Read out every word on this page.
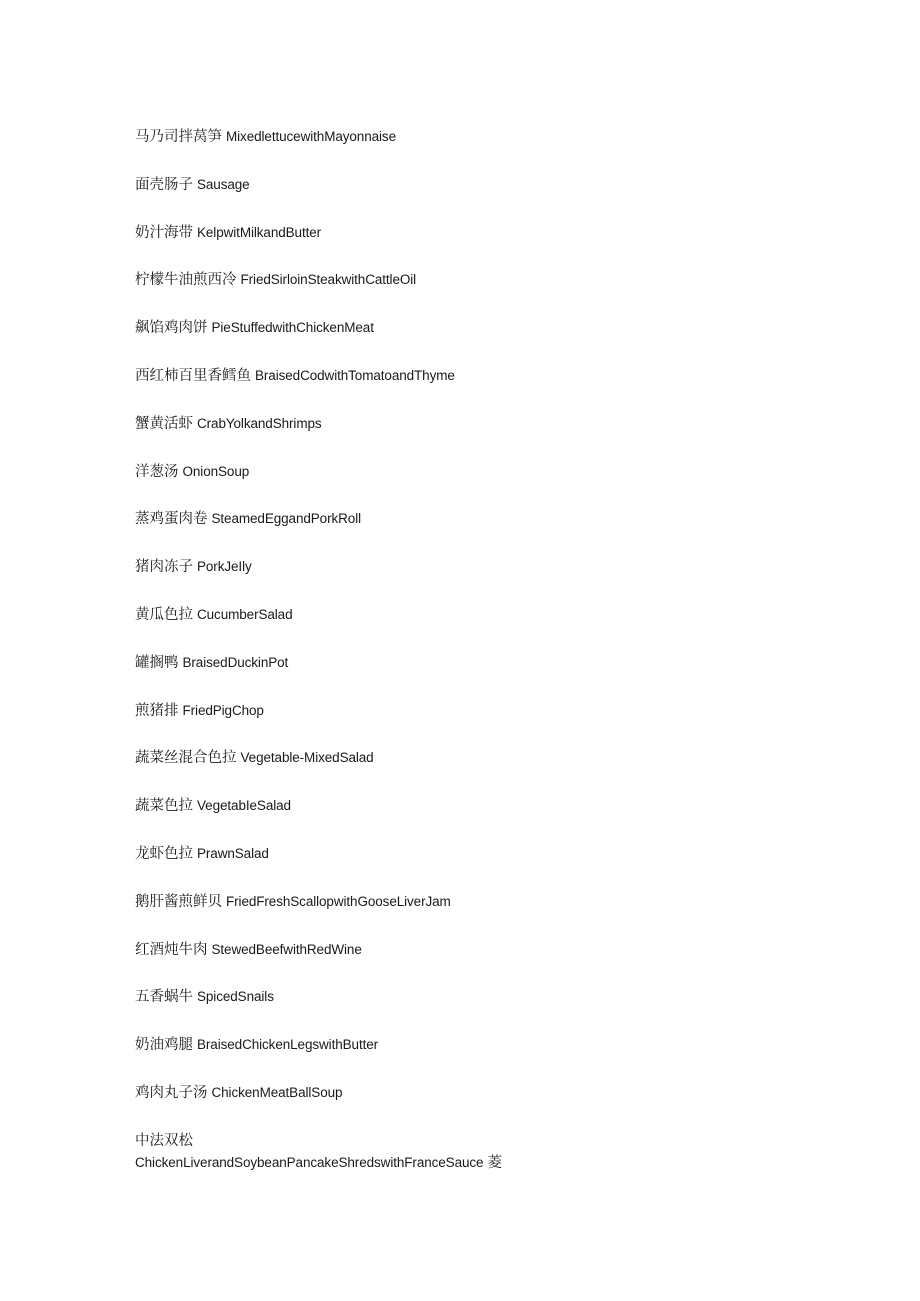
马乃司拌莴笋 MixedlettucewithMayonnaise
面壳肠子 Sausage
奶汁海带 KelpwitMilkandButter
柠檬牛油煎西冷 FriedSirloinSteakwithCattleOil
飙馅鸡肉饼 PieStuffedwithChickenMeat
西红柿百里香鳕鱼 BraisedCodwithTomatoandThyme
蟹黄活虾 CrabYolkandShrimps
洋葱汤 OnionSoup
蒸鸡蛋肉卷 SteamedEggandPorkRoll
猪肉冻子 PorkJeIly
黄瓜色拉 CucumberSalad
罐搁鸭 BraisedDuckinPot
煎猪排 FriedPigChop
蔬菜丝混合色拉 Vegetable-MixedSalad
蔬菜色拉 VegetabIeSalad
龙虾色拉 PrawnSalad
鹅肝酱煎鲜贝 FriedFreshScallopwithGooseLiverJam
红酒炖牛肉 StewedBeefwithRedWine
五香蜗牛 SpicedSnails
奶油鸡腿 BraisedChickenLegswithButter
鸡肉丸子汤 ChickenMeatBallSoup
中法双松
ChickenLiverandSoybeanPancakeShredswithFranceSauce 菱
